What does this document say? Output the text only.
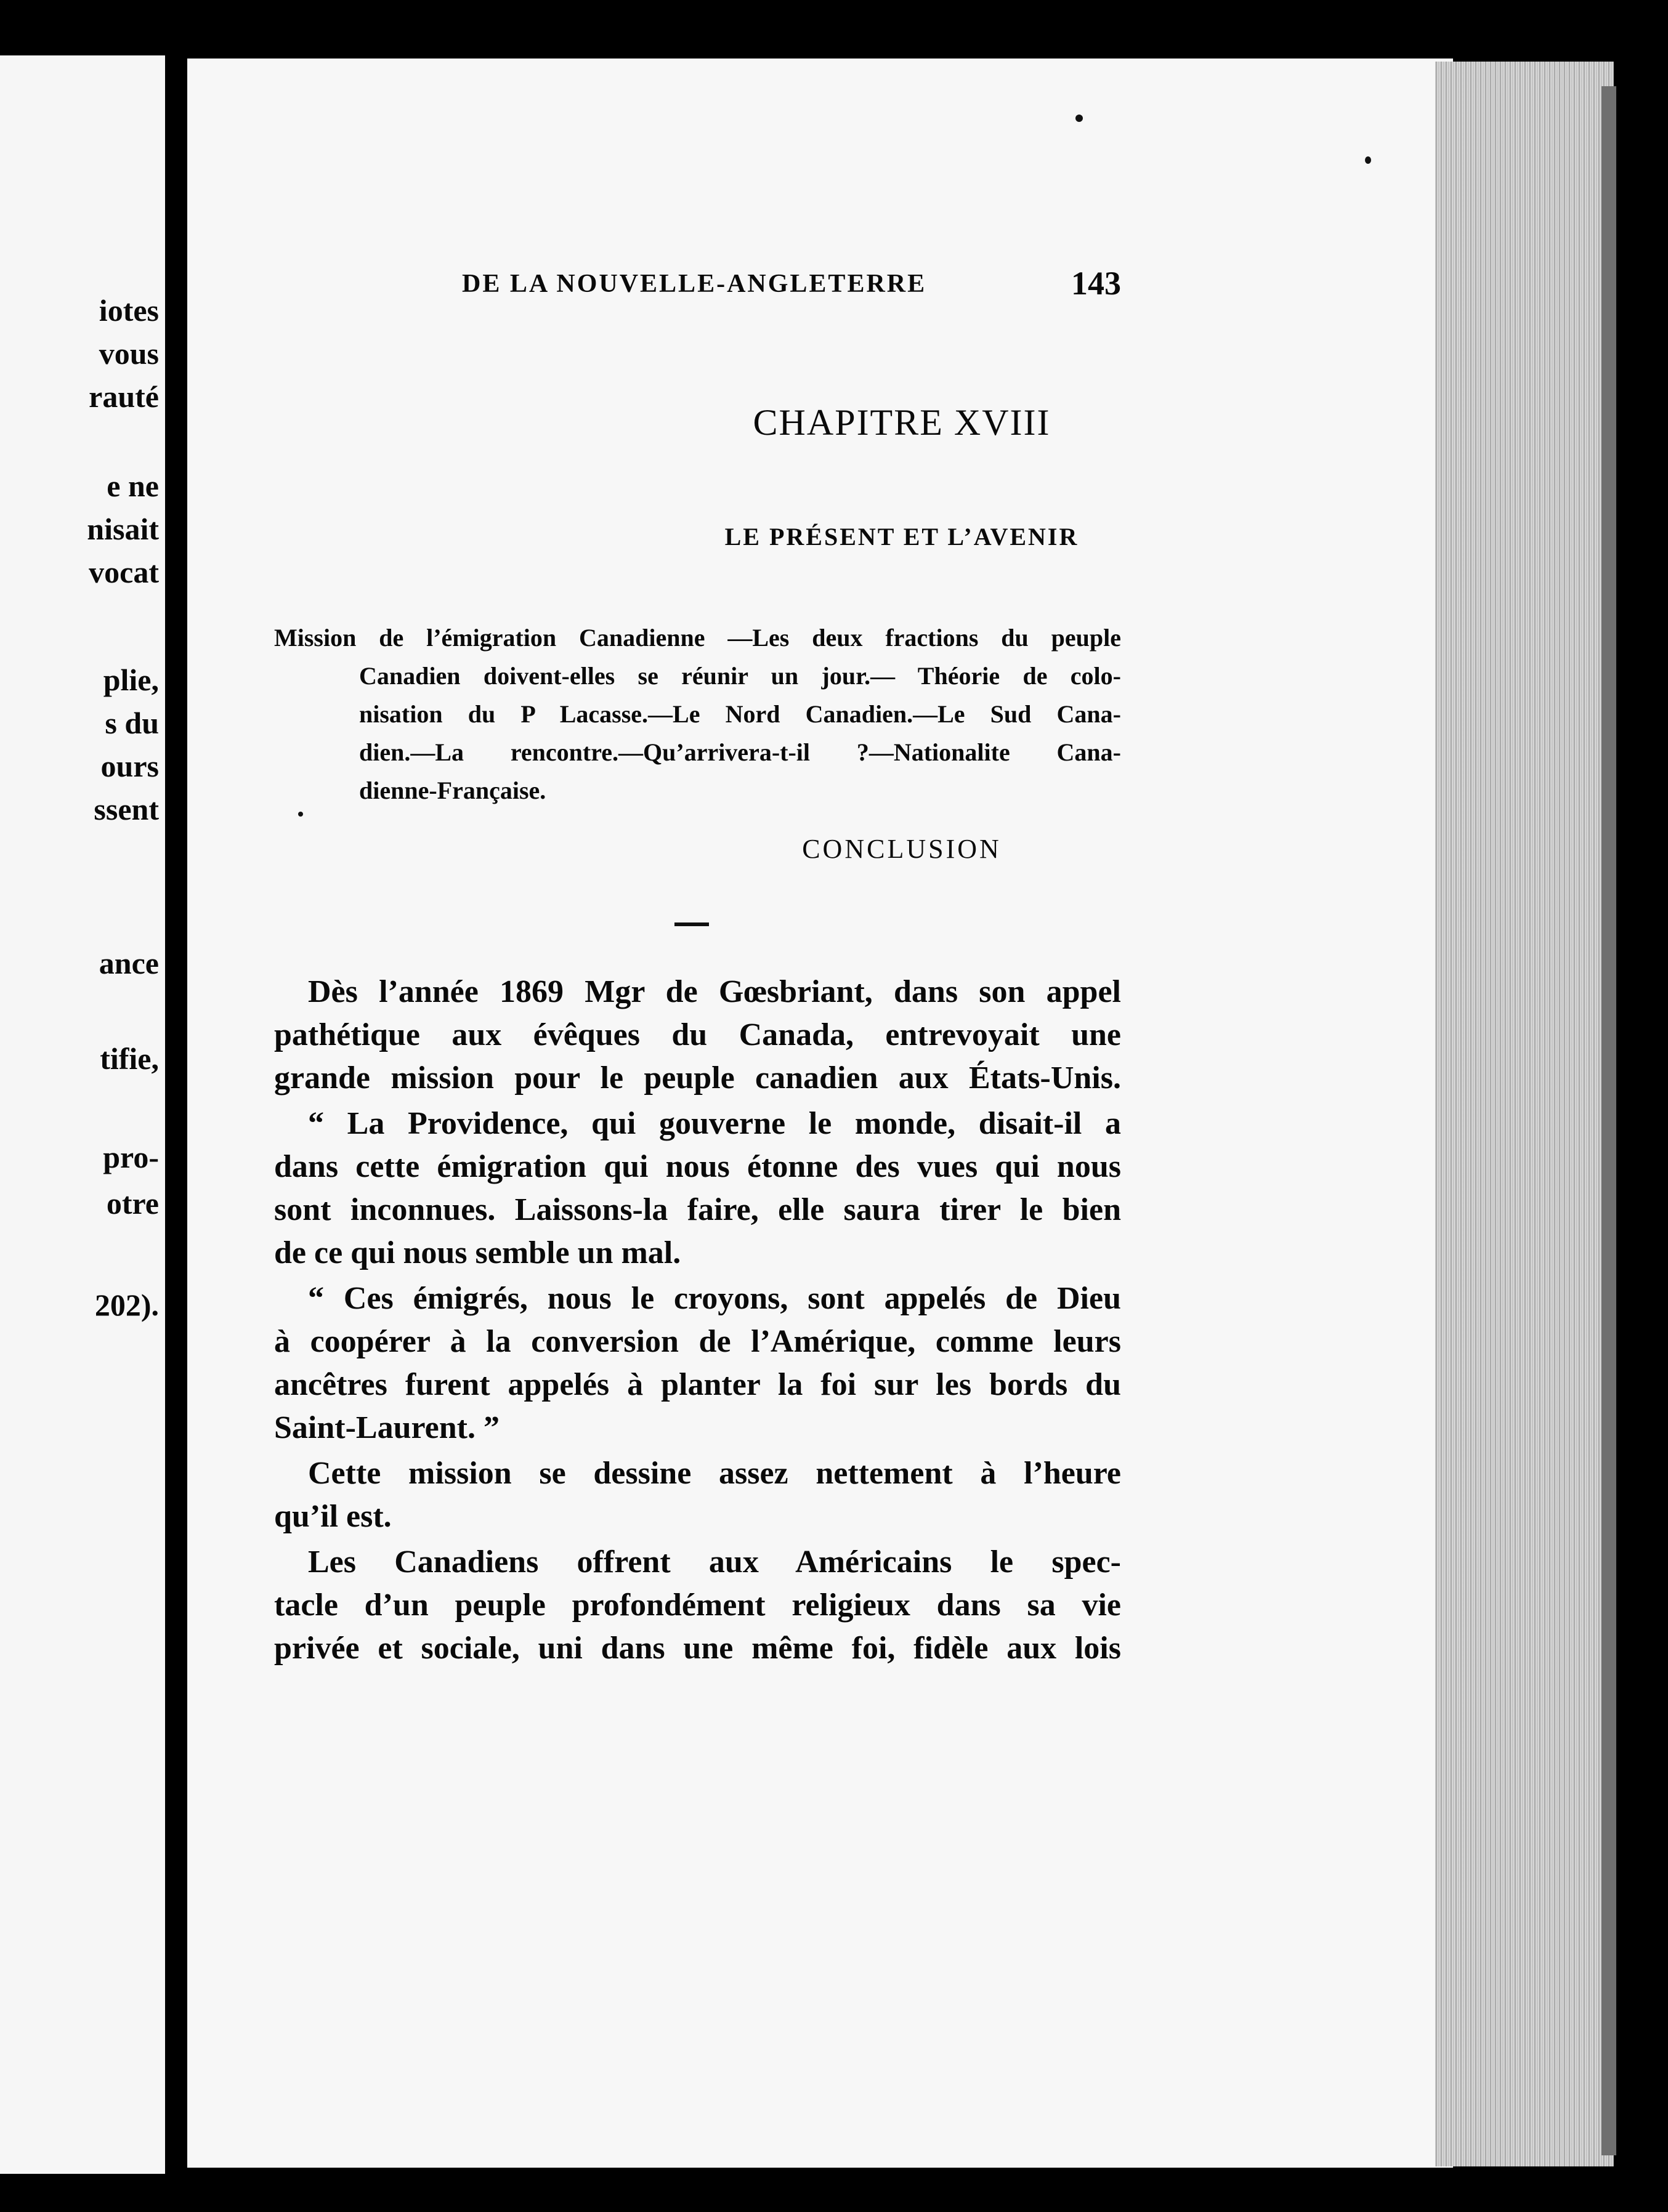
iotes
vous
rauté
e ne
nisait
vocat
plie,
s du
ours
ssent
ance
tifie,
pro-
otre
202).
DE LA NOUVELLE-ANGLETERRE	143
CHAPITRE XVIII
LE PRÉSENT ET L’AVENIR
Mission de l’émigration Canadienne —Les deux fractions du peuple
Canadien doivent-elles se réunir un jour.— Théorie de colo-
nisation du P Lacasse.—Le Nord Canadien.—Le Sud Cana-
dien.—La rencontre.—Qu’arrivera-t-il ?—Nationalite Cana-
dienne-Française.
CONCLUSION
Dès l’année 1869 Mgr de Gœsbriant, dans son appel
pathétique aux évêques du Canada, entrevoyait une
grande mission pour le peuple canadien aux États-Unis.
“ La Providence, qui gouverne le monde, disait-il a
dans cette émigration qui nous étonne des vues qui nous
sont inconnues. Laissons-la faire, elle saura tirer le bien
de ce qui nous semble un mal.
“ Ces émigrés, nous le croyons, sont appelés de Dieu
à coopérer à la conversion de l’Amérique, comme leurs
ancêtres furent appelés à planter la foi sur les bords du
Saint-Laurent. ”
Cette mission se dessine assez nettement à l’heure
qu’il est.
Les Canadiens offrent aux Américains le spec-
tacle d’un peuple profondément religieux dans sa vie
privée et sociale, uni dans une même foi, fidèle aux lois
